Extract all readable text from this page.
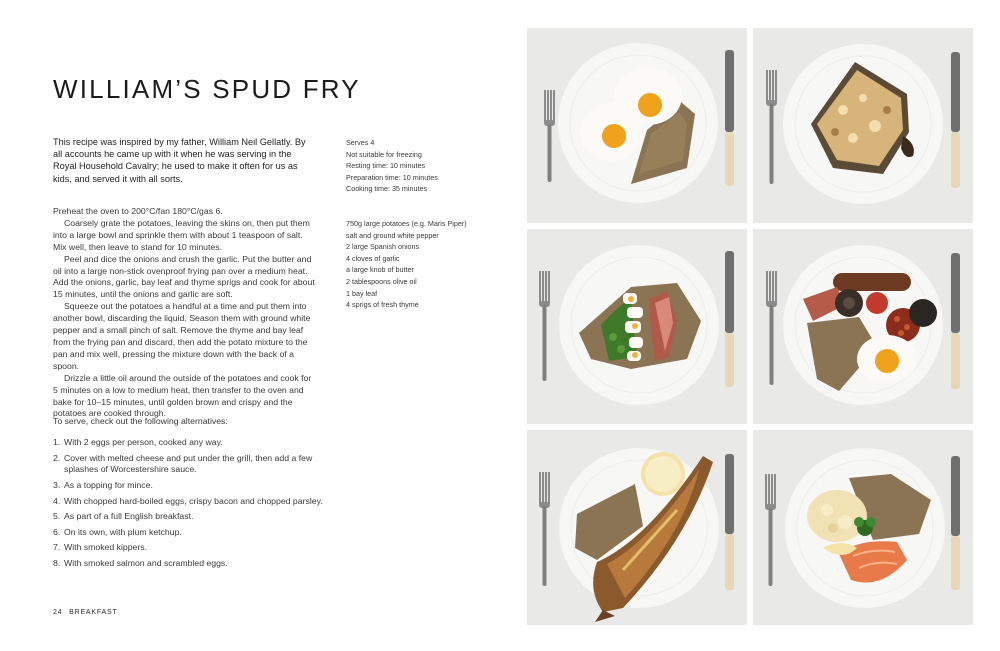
WILLIAM’S SPUD FRY

This recipe was inspired by my father, William Neil Gellatly. By all accounts he came up with it when he was serving in the Royal Household Cavalry; he used to make it often for us as kids, and served it with all sorts.

Preheat the oven to 200°C/fan 180°C/gas 6.

Coarsely grate the potatoes, leaving the skins on, then put them into a large bowl and sprinkle them with about 1 teaspoon of salt. Mix well, then leave to stand for 10 minutes.

Peel and dice the onions and crush the garlic. Put the butter and oil into a large non-stick ovenproof frying pan over a medium heat. Add the onions, garlic, bay leaf and thyme sprigs and cook for about 15 minutes, until the onions and garlic are soft.

Squeeze out the potatoes a handful at a time and put them into another bowl, discarding the liquid. Season them with ground white pepper and a small pinch of salt. Remove the thyme and bay leaf from the frying pan and discard, then add the potato mixture to the pan and mix well, pressing the mixture down with the back of a spoon.

Drizzle a little oil around the outside of the potatoes and cook for 5 minutes on a low to medium heat, then transfer to the oven and bake for 10–15 minutes, until golden brown and crispy and the potatoes are cooked through.

To serve, check out the following alternatives:

1. With 2 eggs per person, cooked any way.
2. Cover with melted cheese and put under the grill, then add a few splashes of Worcestershire sauce.
3. As a topping for mince.
4. With chopped hard-boiled eggs, crispy bacon and chopped parsley.
5. As part of a full English breakfast.
6. On its own, with plum ketchup.
7. With smoked kippers.
8. With smoked salmon and scrambled eggs.
Serves 4
Not suitable for freezing
Resting time: 10 minutes
Preparation time: 10 minutes
Cooking time: 35 minutes
750g large potatoes (e.g. Maris Piper)
salt and ground white pepper
2 large Spanish onions
4 cloves of garlic
a large knob of butter
2 tablespoons olive oil
1 bay leaf
4 sprigs of fresh thyme
24 BREAKFAST
